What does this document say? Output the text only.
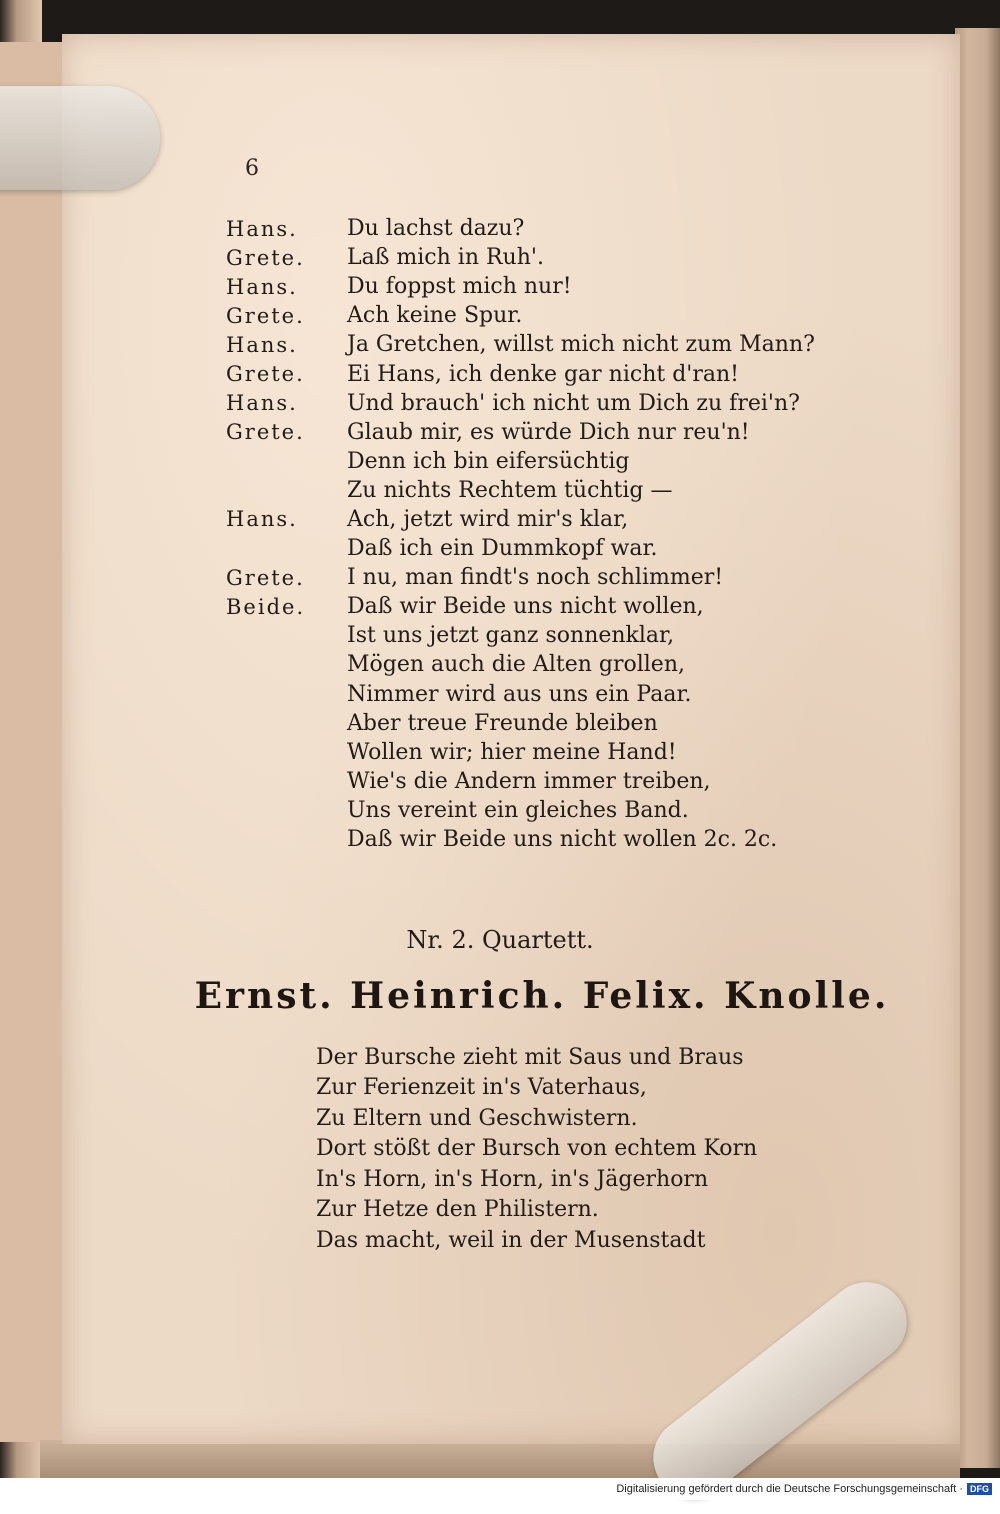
6
Hans.	Du lachst dazu?
Grete.	Laß mich in Ruh'.
Hans.	Du foppst mich nur!
Grete.	Ach keine Spur.
Hans.	Ja Gretchen, willst mich nicht zum Mann?
Grete.	Ei Hans, ich denke gar nicht d'ran!
Hans.	Und brauch' ich nicht um Dich zu frei'n?
Grete.	Glaub mir, es würde Dich nur reu'n!
Denn ich bin eifersüchtig
Zu nichts Rechtem tüchtig —
Hans.	Ach, jetzt wird mir's klar,
Daß ich ein Dummkopf war.
Grete.	I nu, man findt's noch schlimmer!
Beide.	Daß wir Beide uns nicht wollen,
Ist uns jetzt ganz sonnenklar,
Mögen auch die Alten grollen,
Nimmer wird aus uns ein Paar.
Aber treue Freunde bleiben
Wollen wir; hier meine Hand!
Wie's die Andern immer treiben,
Uns vereint ein gleiches Band.
Daß wir Beide uns nicht wollen 2c. 2c.
Nr. 2. Quartett.
Ernst. Heinrich. Felix. Knolle.
Der Bursche zieht mit Saus und Braus
Zur Ferienzeit in's Vaterhaus,
Zu Eltern und Geschwistern.
Dort stößt der Bursch von echtem Korn
In's Horn, in's Horn, in's Jägerhorn
Zur Hetze den Philistern.
Das macht, weil in der Musenstadt
Digitalisierung gefördert durch die Deutsche Forschungsgemeinschaft · DFG
